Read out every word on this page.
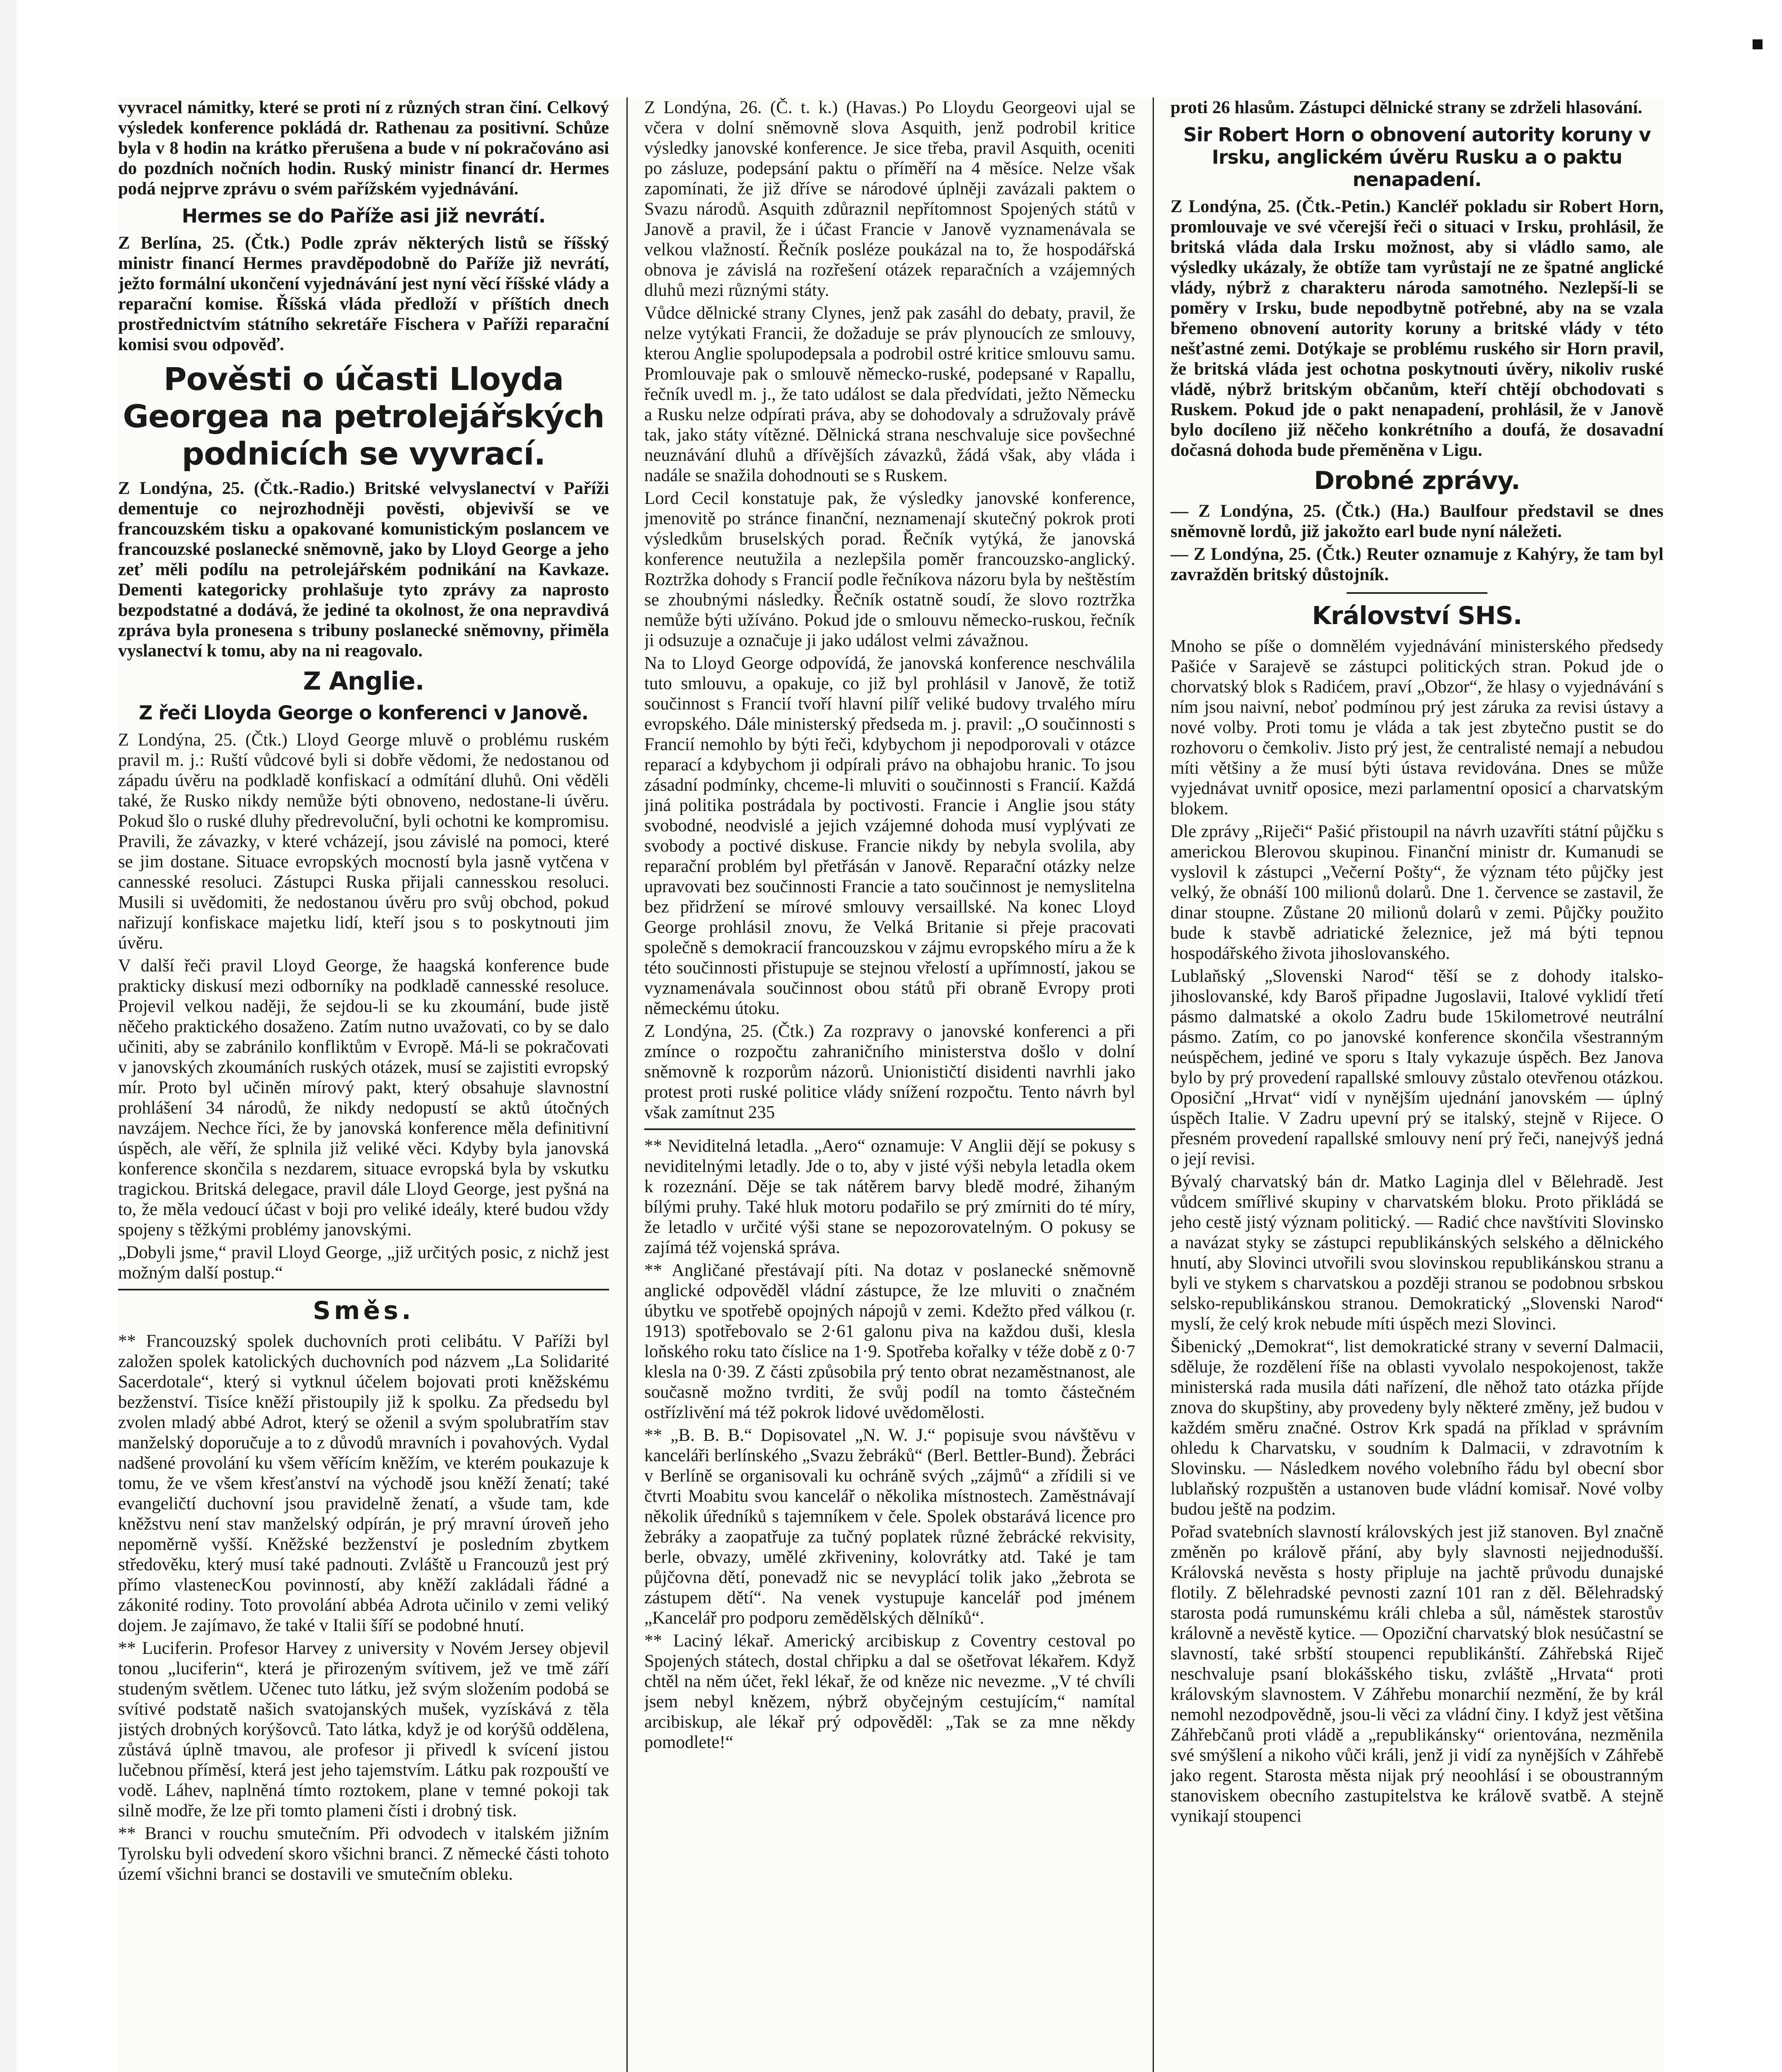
vyvracel námitky, které se proti ní z různých stran činí. Celkový výsledek konference pokládá dr. Rathenau za positivní. Schůze byla v 8 hodin na krátko přerušena a bude v ní pokračováno asi do pozdních nočních hodin. Ruský ministr financí dr. Hermes podá nejprve zprávu o svém pařížském vyjednávání.

Hermes se do Paříže asi již nevrátí.

Z Berlína, 25. (Čtk.) Podle zpráv některých listů se říšský ministr financí Hermes pravděpodobně do Paříže již nevrátí, ježto formální ukončení vyjednávání jest nyní věcí říšské vlády a reparační komise. Říšská vláda předloží v příštích dnech prostřednictvím státního sekretáře Fischera v Paříži reparační komisi svou odpověď.

Pověsti o účasti Lloyda Georgea na petrolejářských podnicích se vyvrací.

Z Londýna, 25. (Čtk.-Radio.) Britské velvyslanectví v Paříži dementuje co nejrozhodněji pověsti, objevivší se ve francouzském tisku a opakované komunistickým poslancem ve francouzské poslanecké sněmovně, jako by Lloyd George a jeho zeť měli podílu na petrolejářském podnikání na Kavkaze. Dementi kategoricky prohlašuje tyto zprávy za naprosto bezpodstatné a dodává, že jediné ta okolnost, že ona nepravdivá zpráva byla pronesena s tribuny poslanecké sněmovny, přiměla vyslanectví k tomu, aby na ni reagovalo.

Z Anglie.
Z řeči Lloyda George o konferenci v Janově.

Z Londýna, 25. (Čtk.) Lloyd George mluvě o problému ruském pravil m. j.: Ruští vůdcové byli si dobře vědomi, že nedostanou od západu úvěru na podkladě konfiskací a odmítání dluhů. Oni věděli také, že Rusko nikdy nemůže býti obnoveno, nedostane-li úvěru. Pokud šlo o ruské dluhy předrevoluční, byli ochotni ke kompromisu. Pravili, že závazky, v které vcházejí, jsou závislé na pomoci, které se jim dostane. Situace evropských mocností byla jasně vytčena v cannesské resoluci. Zástupci Ruska přijali cannesskou resoluci. Musili si uvědomiti, že nedostanou úvěru pro svůj obchod, pokud nařizují konfiskace majetku lidí, kteří jsou s to poskytnouti jim úvěru.

V další řeči pravil Lloyd George, že haagská konference bude prakticky diskusí mezi odborníky na podkladě cannesské resoluce. Projevil velkou naději, že sejdou-li se ku zkoumání, bude jistě něčeho praktického dosaženo. Zatím nutno uvažovati, co by se dalo učiniti, aby se zabránilo konfliktům v Evropě. Má-li se pokračovati v janovských zkoumáních ruských otázek, musí se zajistiti evropský mír. Proto byl učiněn mírový pakt, který obsahuje slavnostní prohlášení 34 národů, že nikdy nedopustí se aktů útočných navzájem. Nechce říci, že by janovská konference měla definitivní úspěch, ale věří, že splnila již veliké věci. Kdyby byla janovská konference skončila s nezdarem, situace evropská byla by vskutku tragickou. Britská delegace, pravil dále Lloyd George, jest pyšná na to, že měla vedoucí účast v boji pro veliké ideály, které budou vždy spojeny s těžkými problémy janovskými.

„Dobyli jsme,“ pravil Lloyd George, „již určitých posic, z nichž jest možným další postup.“

Směs.

** Francouzský spolek duchovních proti celibátu. V Paříži byl založen spolek katolických duchovních pod názvem „La Solidarité Sacerdotale“, který si vytknul účelem bojovati proti kněžskému bezženství. Tisíce kněží přistoupily již k spolku. Za předsedu byl zvolen mladý abbé Adrot, který se oženil a svým spolubratřím stav manželský doporučuje a to z důvodů mravních i povahových. Vydal nadšené provolání ku všem věřícím kněžím, ve kterém poukazuje k tomu, že ve všem křesťanství na východě jsou kněží ženatí; také evangeličtí duchovní jsou pravidelně ženatí, a všude tam, kde kněžstvu není stav manželský odpírán, je prý mravní úroveň jeho nepoměrně vyšší. Kněžské bezženství je posledním zbytkem středověku, který musí také padnouti. Zvláště u Francouzů jest prý přímo vlastenecKou povinností, aby kněží zakládali řádné a zákonité rodiny. Toto provolání abbéa Adrota učinilo v zemi veliký dojem. Je zajímavo, že také v Italii šíří se podobné hnutí.

** Luciferin. Profesor Harvey z university v Novém Jersey objevil tonou „luciferin“, která je přirozeným svítivem, jež ve tmě září studeným světlem. Učenec tuto látku, jež svým složením podobá se svítivé podstatě našich svatojanských mušek, vyzískává z těla jistých drobných korýšovců. Tato látka, když je od korýšů oddělena, zůstává úplně tmavou, ale profesor ji přivedl k svícení jistou lučebnou příměsí, která jest jeho tajemstvím. Látku pak rozpouští ve vodě. Láhev, naplněná tímto roztokem, plane v temné pokoji tak silně modře, že lze při tomto plameni čísti i drobný tisk.

** Branci v rouchu smutečním. Při odvodech v italském jižním Tyrolsku byli odvedení skoro všichni branci. Z německé části tohoto území všichni branci se dostavili ve smutečním obleku.

Z Londýna, 26. (Č. t. k.) (Havas.) Po Lloydu Georgeovi ujal se včera v dolní sněmovně slova Asquith, jenž podrobil kritice výsledky janovské konference. Je sice třeba, pravil Asquith, oceniti po zásluze, podepsání paktu o příměří na 4 měsíce. Nelze však zapomínati, že již dříve se národové úplněji zavázali paktem o Svazu národů. Asquith zdůraznil nepřítomnost Spojených států v Janově a pravil, že i účast Francie v Janově vyznamenávala se velkou vlažností. Řečník posléze poukázal na to, že hospodářská obnova je závislá na rozřešení otázek reparačních a vzájemných dluhů mezi různými státy.

Vůdce dělnické strany Clynes, jenž pak zasáhl do debaty, pravil, že nelze vytýkati Francii, že dožaduje se práv plynoucích ze smlouvy, kterou Anglie spolupodepsala a podrobil ostré kritice smlouvu samu. Promlouvaje pak o smlouvě německo-ruské, podepsané v Rapallu, řečník uvedl m. j., že tato událost se dala předvídati, ježto Německu a Rusku nelze odpírati práva, aby se dohodovaly a sdružovaly právě tak, jako státy vítězné. Dělnická strana neschvaluje sice povšechné neuznávání dluhů a dřívějších závazků, žádá však, aby vláda i nadále se snažila dohodnouti se s Ruskem.

Lord Cecil konstatuje pak, že výsledky janovské konference, jmenovitě po stránce finanční, neznamenají skutečný pokrok proti výsledkům bruselských porad. Řečník vytýká, že janovská konference neutužila a nezlepšila poměr francouzsko-anglický. Roztržka dohody s Francií podle řečníkova názoru byla by neštěstím se zhoubnými následky. Řečník ostatně soudí, že slovo roztržka nemůže býti užíváno. Pokud jde o smlouvu německo-ruskou, řečník ji odsuzuje a označuje ji jako událost velmi závažnou.

Na to Lloyd George odpovídá, že janovská konference neschválila tuto smlouvu, a opakuje, co již byl prohlásil v Janově, že totiž součinnost s Francií tvoří hlavní pilíř veliké budovy trvalého míru evropského. Dále ministerský předseda m. j. pravil: „O součinnosti s Francií nemohlo by býti řeči, kdybychom ji nepodporovali v otázce reparací a kdybychom ji odpírali právo na obhajobu hranic. To jsou zásadní podmínky, chceme-li mluviti o součinnosti s Francií. Každá jiná politika postrádala by poctivosti. Francie i Anglie jsou státy svobodné, neodvislé a jejich vzájemné dohoda musí vyplývati ze svobody a poctivé diskuse. Francie nikdy by nebyla svolila, aby reparační problém byl přetřásán v Janově. Reparační otázky nelze upravovati bez součinnosti Francie a tato součinnost je nemyslitelna bez přidržení se mírové smlouvy versaillské. Na konec Lloyd George prohlásil znovu, že Velká Britanie si přeje pracovati společně s demokracií francouzskou v zájmu evropského míru a že k této součinnosti přistupuje se stejnou vřelostí a upřímností, jakou se vyznamenávala součinnost obou států při obraně Evropy proti německému útoku.

Z Londýna, 25. (Čtk.) Za rozpravy o janovské konferenci a při zmínce o rozpočtu zahraničního ministerstva došlo v dolní sněmovně k rozporům názorů. Unionističtí disidenti navrhli jako protest proti ruské politice vlády snížení rozpočtu. Tento návrh byl však zamítnut 235

** Neviditelná letadla. „Aero“ oznamuje: V Anglii dějí se pokusy s neviditelnými letadly. Jde o to, aby v jisté výši nebyla letadla okem k rozeznání. Děje se tak nátěrem barvy bledě modré, žihaným bílými pruhy. Také hluk motoru podařilo se prý zmírniti do té míry, že letadlo v určité výši stane se nepozorovatelným. O pokusy se zajímá též vojenská správa.

** Angličané přestávají píti. Na dotaz v poslanecké sněmovně anglické odpověděl vládní zástupce, že lze mluviti o značném úbytku ve spotřebě opojných nápojů v zemi. Kdežto před válkou (r. 1913) spotřebovalo se 2·61 galonu piva na každou duši, klesla loňského roku tato číslice na 1·9. Spotřeba kořalky v téže době z 0·7 klesla na 0·39. Z části způsobila prý tento obrat nezaměstnanost, ale současně možno tvrditi, že svůj podíl na tomto částečném ostřízlivění má též pokrok lidové uvědomělosti.

** „B. B. B.“ Dopisovatel „N. W. J.“ popisuje svou návštěvu v kanceláři berlínského „Svazu žebráků“ (Berl. Bettler-Bund). Žebráci v Berlíně se organisovali ku ochráně svých „zájmů“ a zřídili si ve čtvrti Moabitu svou kancelář o několika místnostech. Zaměstnávají několik úředníků s tajemníkem v čele. Spolek obstarává licence pro žebráky a zaopatřuje za tučný poplatek různé žebrácké rekvisity, berle, obvazy, umělé zkřiveniny, kolovrátky atd. Také je tam půjčovna dětí, ponevadž nic se nevyplácí tolik jako „žebrota se zástupem dětí“. Na venek vystupuje kancelář pod jménem „Kancelář pro podporu zemědělských dělníků“.

** Laciný lékař. Americký arcibiskup z Coventry cestoval po Spojených státech, dostal chřipku a dal se ošetřovat lékařem. Když chtěl na něm účet, řekl lékař, že od kněze nic nevezme. „V té chvíli jsem nebyl knězem, nýbrž obyčejným cestujícím,“ namítal arcibiskup, ale lékař prý odpověděl: „Tak se za mne někdy pomodlete!“

proti 26 hlasům. Zástupci dělnické strany se zdrželi hlasování.

Sir Robert Horn o obnovení autority koruny v Irsku, anglickém úvěru Rusku a o paktu nenapadení.

Z Londýna, 25. (Čtk.-Petin.) Kancléř pokladu sir Robert Horn, promlouvaje ve své včerejší řeči o situaci v Irsku, prohlásil, že britská vláda dala Irsku možnost, aby si vládlo samo, ale výsledky ukázaly, že obtíže tam vyrůstají ne ze špatné anglické vlády, nýbrž z charakteru národa samotného. Nezlepší-li se poměry v Irsku, bude nepodbytně potřebné, aby na se vzala břemeno obnovení autority koruny a britské vlády v této nešťastné zemi. Dotýkaje se problému ruského sir Horn pravil, že britská vláda jest ochotna poskytnouti úvěry, nikoliv ruské vládě, nýbrž britským občanům, kteří chtějí obchodovati s Ruskem. Pokud jde o pakt nenapadení, prohlásil, že v Janově bylo docíleno již něčeho konkrétního a doufá, že dosavadní dočasná dohoda bude přeměněna v Ligu.

Drobné zprávy.

— Z Londýna, 25. (Čtk.) (Ha.) Baulfour představil se dnes sněmovně lordů, již jakožto earl bude nyní náležeti.

— Z Londýna, 25. (Čtk.) Reuter oznamuje z Kahýry, že tam byl zavražděn britský důstojník.

Království SHS.

Mnoho se píše o domnělém vyjednávání ministerského předsedy Pašiće v Sarajevě se zástupci politických stran. Pokud jde o chorvatský blok s Radićem, praví „Obzor“, že hlasy o vyjednávání s ním jsou naivní, neboť podmínou prý jest záruka za revisi ústavy a nové volby. Proti tomu je vláda a tak jest zbytečno pustit se do rozhovoru o čemkoliv. Jisto prý jest, že centralisté nemají a nebudou míti většiny a že musí býti ústava revidována. Dnes se může vyjednávat uvnitř oposice, mezi parlamentní oposicí a charvatským blokem.

Dle zprávy „Riječi“ Pašić přistoupil na návrh uzavříti státní půjčku s americkou Blerovou skupinou. Finanční ministr dr. Kumanudi se vyslovil k zástupci „Večerní Pošty“, že význam této půjčky jest velký, že obnáší 100 milionů dolarů. Dne 1. července se zastavil, že dinar stoupne. Zůstane 20 milionů dolarů v zemi. Půjčky použito bude k stavbě adriatické železnice, jež má býti tepnou hospodářského života jihoslovanského.

Lublaňský „Slovenski Narod“ těší se z dohody italsko-jihoslovanské, kdy Baroš připadne Jugoslavii, Italové vyklidí třetí pásmo dalmatské a okolo Zadru bude 15kilometrové neutrální pásmo. Zatím, co po janovské konference skončila všestranným neúspěchem, jediné ve sporu s Italy vykazuje úspěch. Bez Janova bylo by prý provedení rapallské smlouvy zůstalo otevřenou otázkou. Oposiční „Hrvat“ vidí v nynějším ujednání janovském — úplný úspěch Italie. V Zadru upevní prý se italský, stejně v Rijece. O přesném provedení rapallské smlouvy není prý řeči, nanejvýš jedná o její revisi.

Bývalý charvatský bán dr. Matko Laginja dlel v Bělehradě. Jest vůdcem smířlivé skupiny v charvatském bloku. Proto přikládá se jeho cestě jistý význam politický. — Radić chce navštíviti Slovinsko a navázat styky se zástupci republikánských selského a dělnického hnutí, aby Slovinci utvořili svou slovinskou republikánskou stranu a byli ve stykem s charvatskou a později stranou se podobnou srbskou selsko-republikánskou stranou. Demokratický „Slovenski Narod“ myslí, že celý krok nebude míti úspěch mezi Slovinci.

Šibenický „Demokrat“, list demokratické strany v severní Dalmacii, sděluje, že rozdělení říše na oblasti vyvolalo nespokojenost, takže ministerská rada musila dáti nařízení, dle něhož tato otázka příjde znova do skupštiny, aby provedeny byly některé změny, jež budou v každém směru značné. Ostrov Krk spadá na příklad v správním ohledu k Charvatsku, v soudním k Dalmacii, v zdravotním k Slovinsku. — Následkem nového volebního řádu byl obecní sbor lublaňský rozpuštěn a ustanoven bude vládní komisař. Nové volby budou ještě na podzim.

Pořad svatebních slavností královských jest již stanoven. Byl značně změněn po králově přání, aby byly slavnosti nejjednodušší. Královská nevěsta s hosty připluje na jachtě průvodu dunajské flotily. Z bělehradské pevnosti zazní 101 ran z děl. Bělehradský starosta podá rumunskému králi chleba a sůl, náměstek starostův královně a nevěstě kytice. — Opoziční charvatský blok nesúčastní se slavností, také srbští stoupenci republikánští. Záhřebská Riječ neschvaluje psaní blokášského tisku, zvláště „Hrvata“ proti královským slavnostem. V Záhřebu monarchií nezmění, že by král nemohl nezodpovědně, jsou-li věci za vládní činy. I když jest většina Záhřebčanů proti vládě a „republikánsky“ orientována, nezměnila své smýšlení a nikoho vůči králi, jenž ji vidí za nynějších v Záhřebě jako regent. Starosta města nijak prý neoohlásí i se oboustranným stanoviskem obecního zastupitelstva ke králově svatbě. A stejně vynikají stoupenci
